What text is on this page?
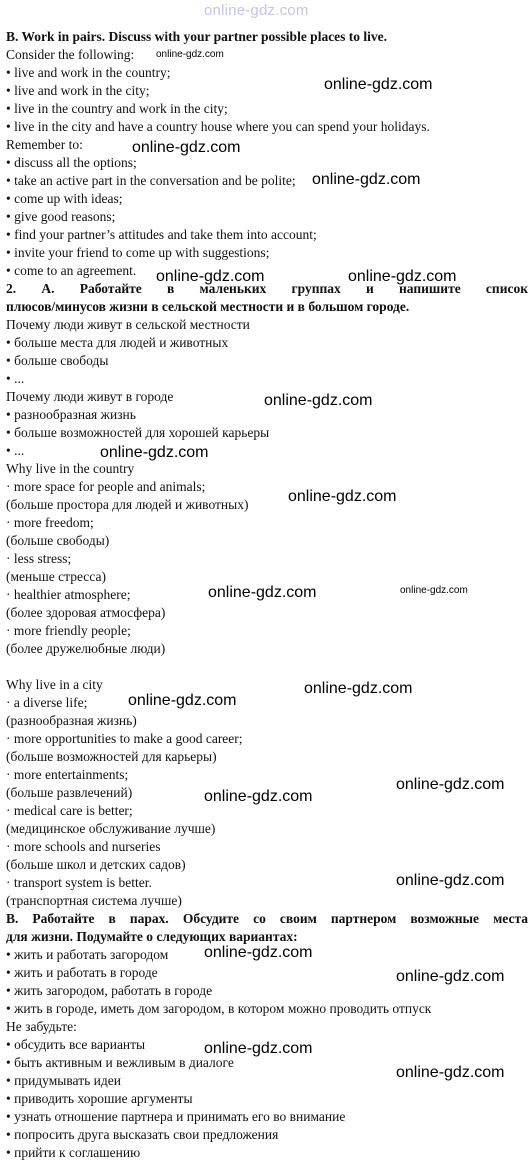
online-gdz.com
B. Work in pairs. Discuss with your partner possible places to live.
Consider the following:
• live and work in the country;
• live and work in the city;
• live in the country and work in the city;
• live in the city and have a country house where you can spend your holidays.
Remember to:
• discuss all the options;
• take an active part in the conversation and be polite;
• come up with ideas;
• give good reasons;
• find your partner’s attitudes and take them into account;
• invite your friend to come up with suggestions;
• come to an agreement.
2. А. Работайте в маленьких группах и напишите список
плюсов/минусов жизни в сельской местности и в большом городе.
Почему люди живут в сельской местности
• больше места для людей и животных
• больше свободы
• ...
Почему люди живут в городе
• разнообразная жизнь
• больше возможностей для хорошей карьеры
• ...
Why live in the country
· more space for people and animals;
(больше простора для людей и животных)
· more freedom;
(больше свободы)
· less stress;
(меньше стресса)
· healthier atmosphere;
(более здоровая атмосфера)
· more friendly people;
(более дружелюбные люди)
Why live in a city
· a diverse life;
(разнообразная жизнь)
· more opportunities to make a good career;
(больше возможностей для карьеры)
· more entertainments;
(больше развлечений)
· medical care is better;
(медицинское обслуживание лучше)
· more schools and nurseries
(больше школ и детских садов)
· transport system is better.
(транспортная система лучше)
В. Работайте в парах. Обсудите со своим партнером возможные места
для жизни. Подумайте о следующих вариантах:
• жить и работать загородом
• жить и работать в городе
• жить загородом, работать в городе
• жить в городе, иметь дом загородом, в котором можно проводить отпуск
Не забудьте:
• обсудить все варианты
• быть активным и вежливым в диалоге
• придумывать идеи
• приводить хорошие аргументы
• узнать отношение партнера и принимать его во внимание
• попросить друга высказать свои предложения
• прийти к соглашению
online-gdz.com
online-gdz.com
online-gdz.com
online-gdz.com
online-gdz.com	online-gdz.com
online-gdz.com
online-gdz.com
online-gdz.com
online-gdz.com	online-gdz.com
online-gdz.com
online-gdz.com
online-gdz.com
online-gdz.com
online-gdz.com
online-gdz.com
online-gdz.com
online-gdz.com
online-gdz.com
